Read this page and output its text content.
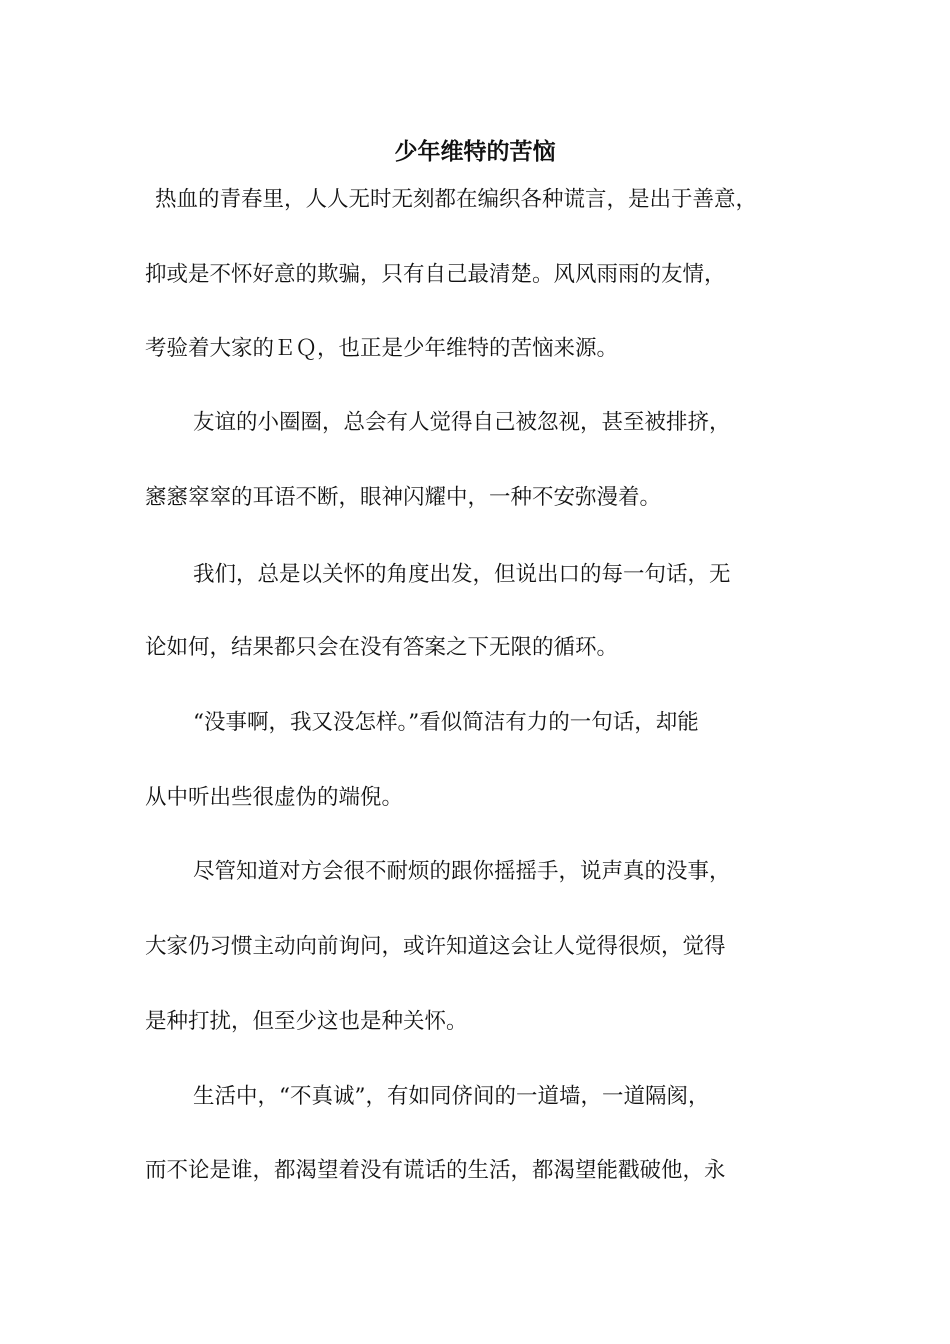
少年维特的苦恼
热血的青春里，人人无时无刻都在编织各种谎言，是出于善意，
抑或是不怀好意的欺骗，只有自己最清楚。风风雨雨的友情，
考验着大家的ＥＱ，也正是少年维特的苦恼来源。
友谊的小圈圈，总会有人觉得自己被忽视，甚至被排挤，
窸窸窣窣的耳语不断，眼神闪耀中，一种不安弥漫着。
我们，总是以关怀的角度出发，但说出口的每一句话，无
论如何，结果都只会在没有答案之下无限的循环。
“没事啊，我又没怎样。”看似简洁有力的一句话，却能
从中听出些很虚伪的端倪。
尽管知道对方会很不耐烦的跟你摇摇手，说声真的没事，
大家仍习惯主动向前询问，或许知道这会让人觉得很烦，觉得
是种打扰，但至少这也是种关怀。
生活中，“不真诚”，有如同侪间的一道墙，一道隔阂，
而不论是谁，都渴望着没有谎话的生活，都渴望能戳破他，永
